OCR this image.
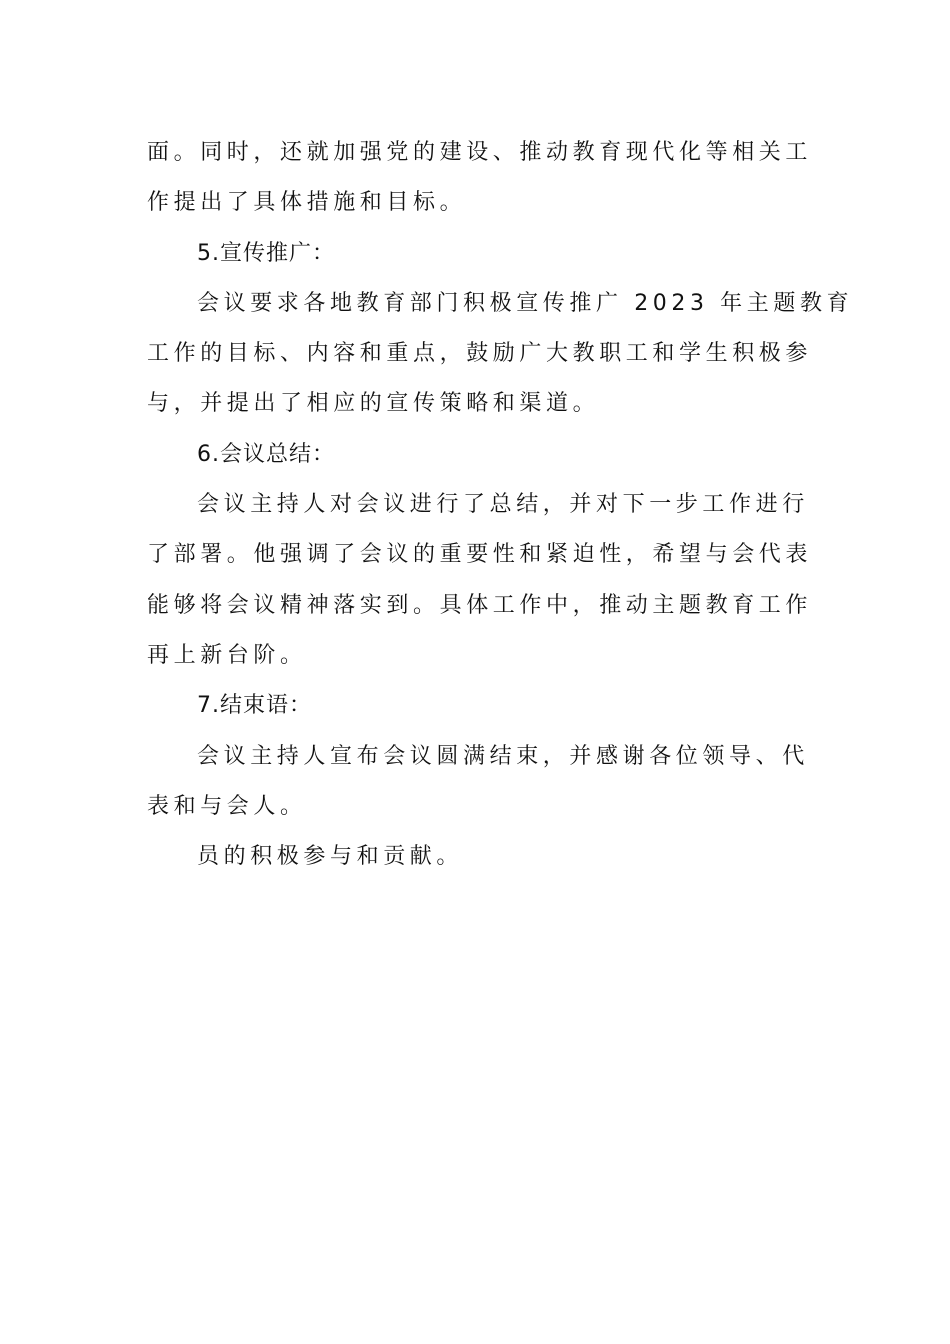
面。同时，还就加强党的建设、推动教育现代化等相关工
作提出了具体措施和目标。
5.宣传推广：
会议要求各地教育部门积极宣传推广 2023 年主题教育
工作的目标、内容和重点，鼓励广大教职工和学生积极参
与，并提出了相应的宣传策略和渠道。
6.会议总结：
会议主持人对会议进行了总结，并对下一步工作进行
了部署。他强调了会议的重要性和紧迫性，希望与会代表
能够将会议精神落实到。具体工作中，推动主题教育工作
再上新台阶。
7.结束语：
会议主持人宣布会议圆满结束，并感谢各位领导、代
表和与会人。
员的积极参与和贡献。
